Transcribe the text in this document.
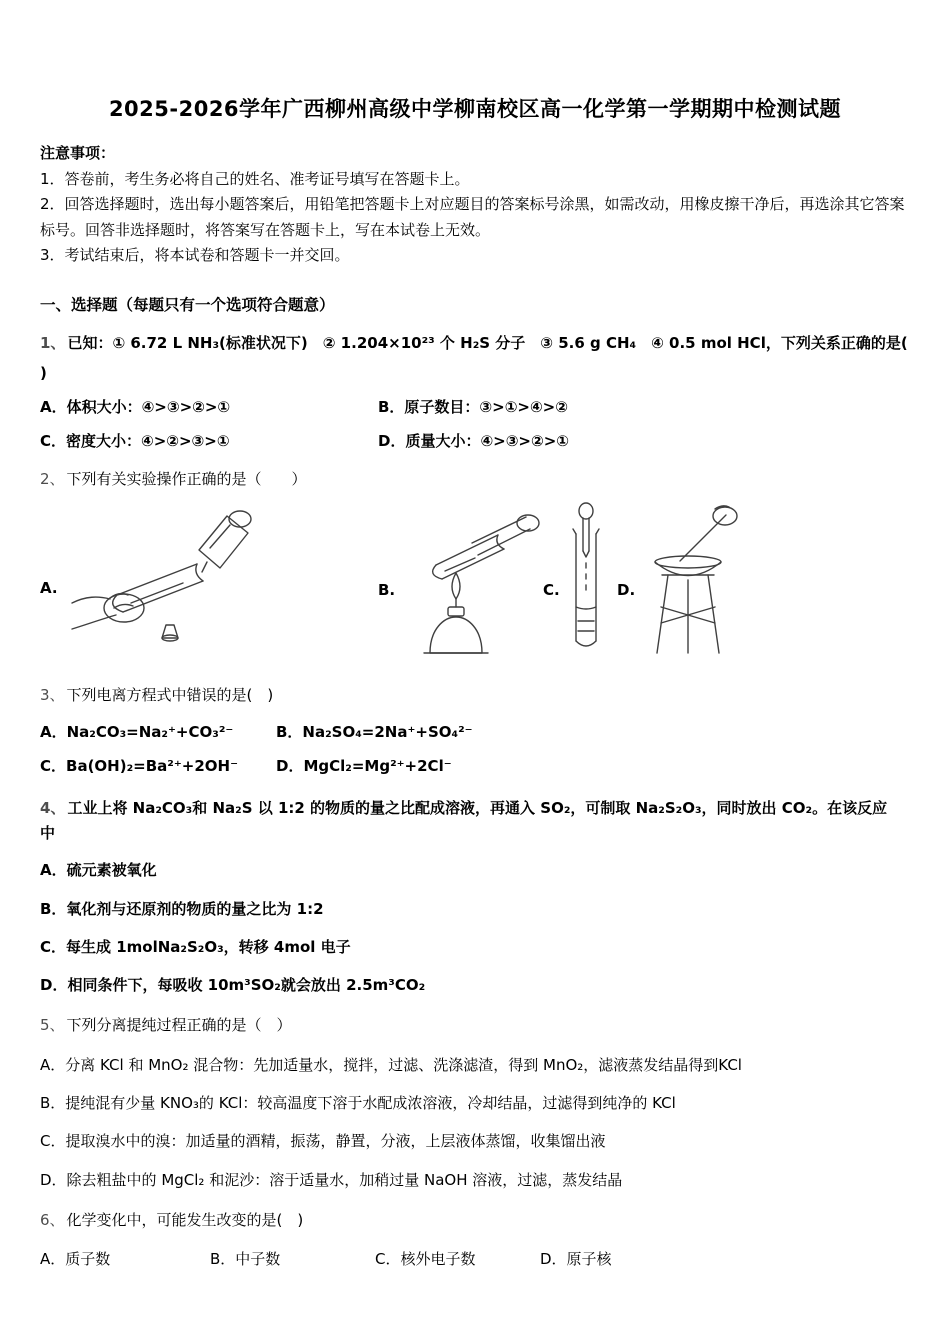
2025-2026学年广西柳州高级中学柳南校区高一化学第一学期期中检测试题

注意事项：

1．答卷前，考生务必将自己的姓名、准考证号填写在答题卡上。

2．回答选择题时，选出每小题答案后，用铅笔把答题卡上对应题目的答案标号涂黑，如需改动，用橡皮擦干净后，再选涂其它答案标号。回答非选择题时，将答案写在答题卡上，写在本试卷上无效。

3．考试结束后，将本试卷和答题卡一并交回。

一、选择题（每题只有一个选项符合题意）

1、 已知：① 6.72 L NH₃(标准状况下)　② 1.204×10²³ 个 H₂S 分子　③ 5.6 g CH₄　④ 0.5 mol HCl，下列关系正确的是(

)

A．体积大小：④>③>②>①	B．原子数目：③>①>④>②
C．密度大小：④>②>③>①	D．质量大小：④>③>②>①

2、 下列有关实验操作正确的是（　　）

A.	B.	C.	D.

3、 下列电离方程式中错误的是(　)

A．Na₂CO₃=Na₂⁺+CO₃²⁻	B．Na₂SO₄=2Na⁺+SO₄²⁻
C．Ba(OH)₂=Ba²⁺+2OH⁻	D．MgCl₂=Mg²⁺+2Cl⁻

4、 工业上将 Na₂CO₃和 Na₂S 以 1:2 的物质的量之比配成溶液，再通入 SO₂，可制取 Na₂S₂O₃，同时放出 CO₂。在该反应

中

A．硫元素被氧化

B．氧化剂与还原剂的物质的量之比为 1:2

C．每生成 1molNa₂S₂O₃，转移 4mol 电子

D．相同条件下，每吸收 10m³SO₂就会放出 2.5m³CO₂

5、 下列分离提纯过程正确的是（　）

A．分离 KCl 和 MnO₂ 混合物：先加适量水，搅拌，过滤、洗涤滤渣，得到 MnO₂，滤液蒸发结晶得到KCl

B．提纯混有少量 KNO₃的 KCl：较高温度下溶于水配成浓溶液，冷却结晶，过滤得到纯净的 KCl

C．提取溴水中的溴：加适量的酒精，振荡，静置，分液，上层液体蒸馏，收集馏出液

D．除去粗盐中的 MgCl₂ 和泥沙：溶于适量水，加稍过量 NaOH 溶液，过滤，蒸发结晶

6、 化学变化中，可能发生改变的是(　)

A．质子数	B．中子数	C．核外电子数	D．原子核
